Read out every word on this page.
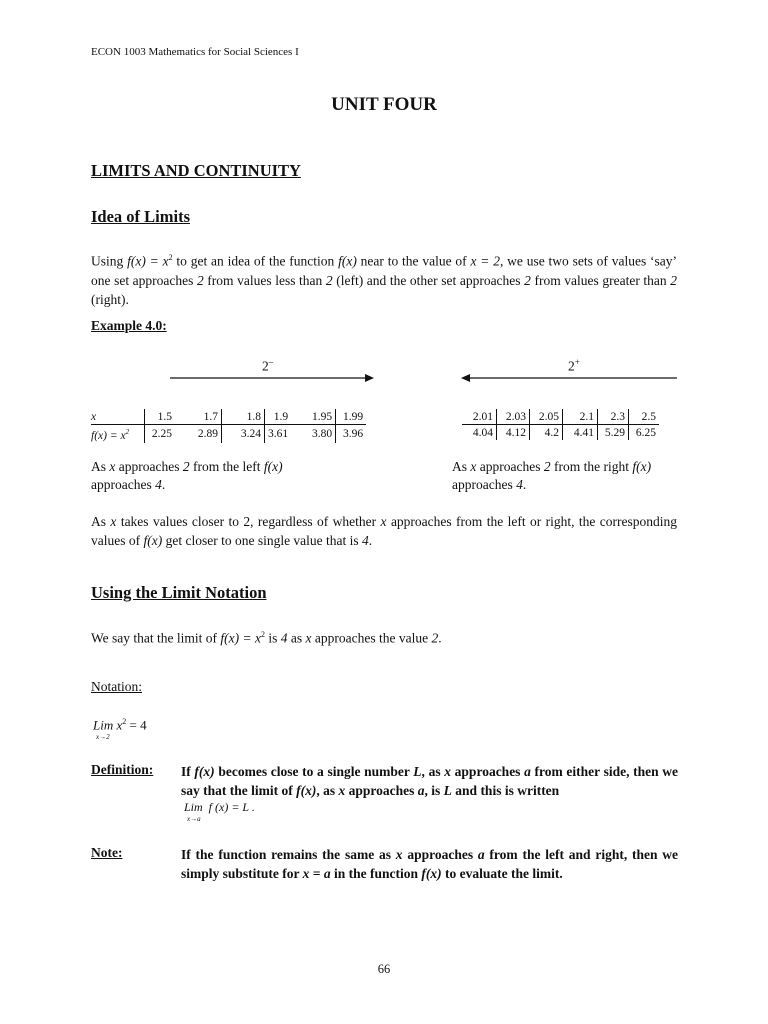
ECON 1003 Mathematics for Social Sciences I
UNIT FOUR
LIMITS AND CONTINUITY
Idea of Limits
Using $f(x) = x^2$ to get an idea of the function f(x) near to the value of x = 2, we use two sets of values ‘say’ one set approaches 2 from values less than 2 (left) and the other set approaches 2 from values greater than 2 (right).
Example 4.0:
2–	2+
x	1.5	1.7	1.8	1.9	1.95	1.99
$f(x) = x^2$	2.25	2.89	3.24	3.61	3.80	3.96
2.01	2.03	2.05	2.1	2.3	2.5
4.04	4.12	4.2	4.41	5.29	6.25
As x approaches 2 from the left f(x) approaches 4.
As x approaches 2 from the right f(x) approaches 4.
As x takes values closer to 2, regardless of whether x approaches from the left or right, the corresponding values of f(x) get closer to one single value that is 4.
Using the Limit Notation
We say that the limit of $f(x) = x^2$ is 4 as x approaches the value 2.
Notation:
Lim $x^2 = 4$
x→2
Definition: If f(x) becomes close to a single number L, as x approaches a from either side, then we say that the limit of f(x), as x approaches a, is L and this is written
Lim  f (x) = L .
x→a
Note:	If the function remains the same as x approaches a from the left and right, then we simply substitute for x = a in the function f(x) to evaluate the limit.
66
